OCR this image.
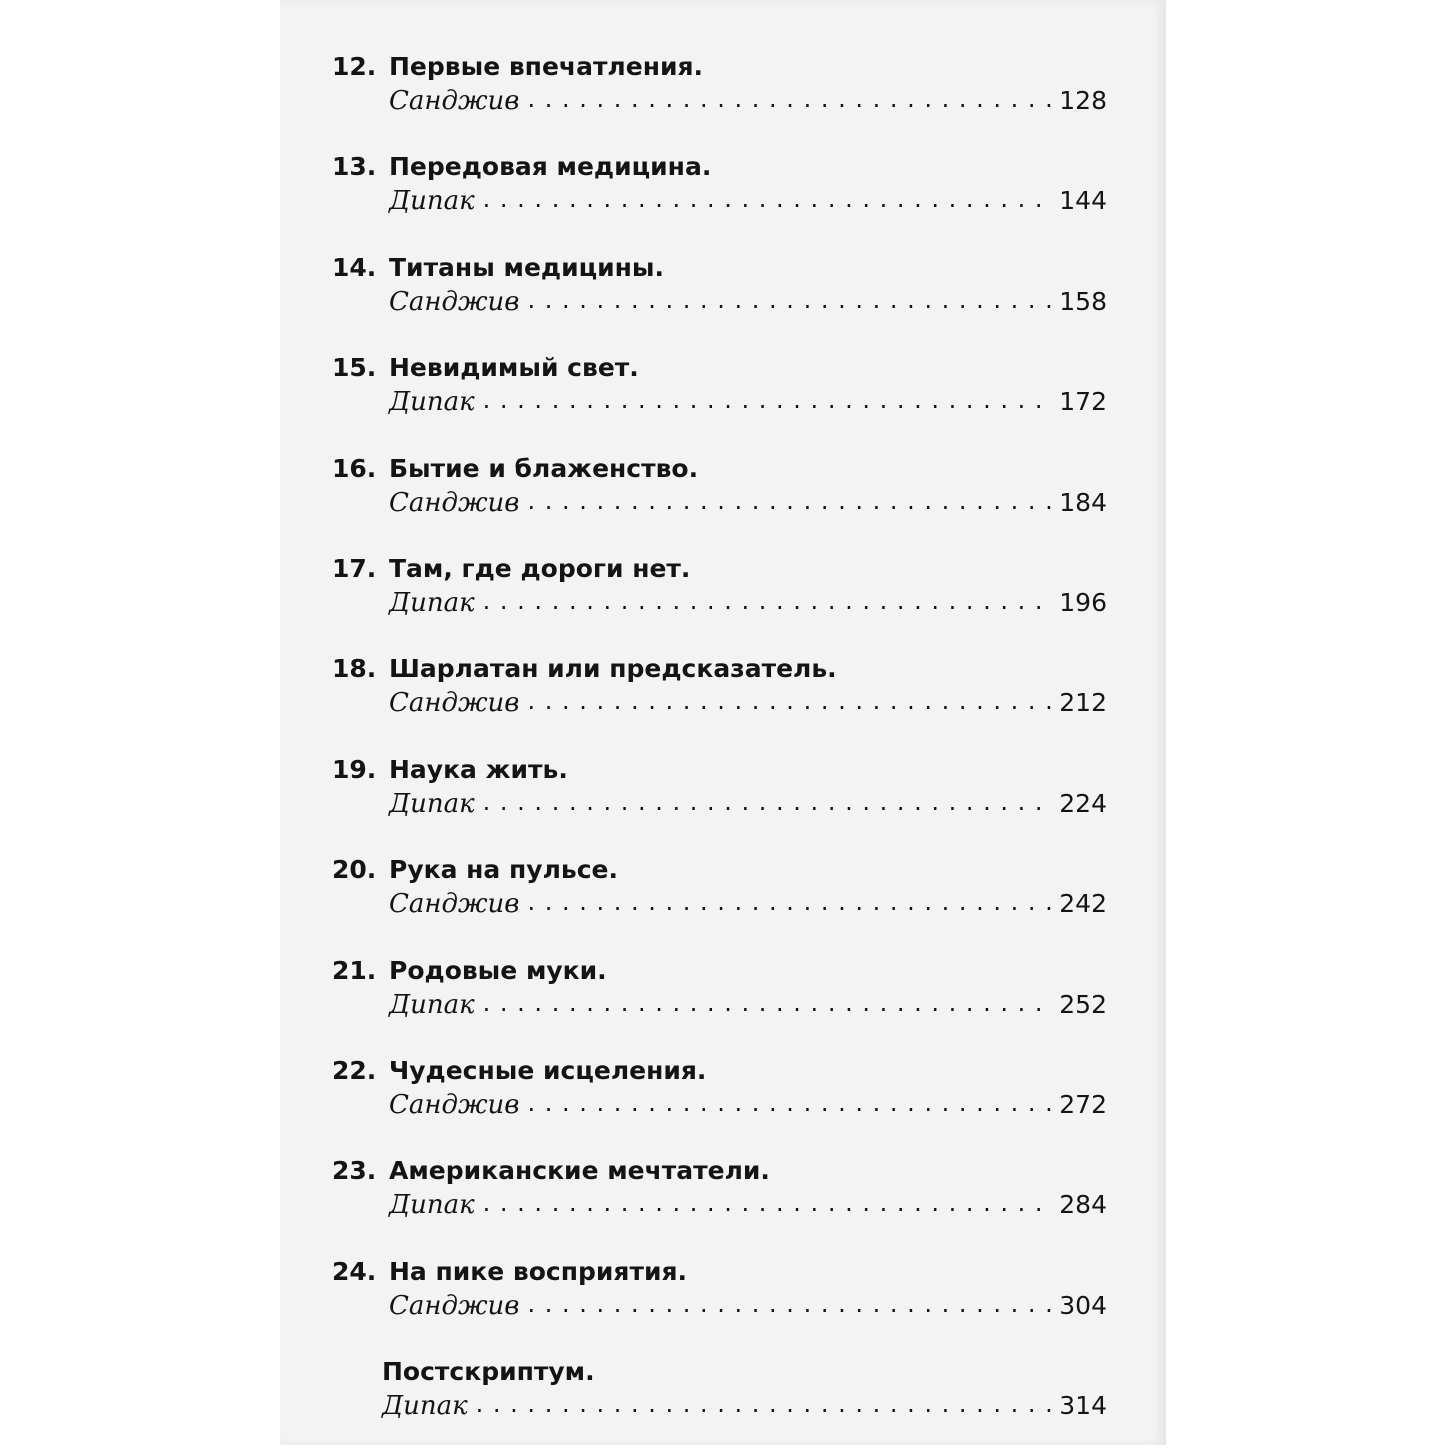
12. Первые впечатления.
Санджив . . .	128
13. Передовая медицина.
Дипак . . .	144
14. Титаны медицины.
Санджив . . .	158
15. Невидимый свет.
Дипак . . .	172
16. Бытие и блаженство.
Санджив . . .	184
17. Там, где дороги нет.
Дипак . . .	196
18. Шарлатан или предсказатель.
Санджив . . .	212
19. Наука жить.
Дипак . . .	224
20. Рука на пульсе.
Санджив . . .	242
21. Родовые муки.
Дипак . . .	252
22. Чудесные исцеления.
Санджив . . .	272
23. Американские мечтатели.
Дипак . . .	284
24. На пике восприятия.
Санджив . . .	304
Постскриптум.
Дипак . . .	314
